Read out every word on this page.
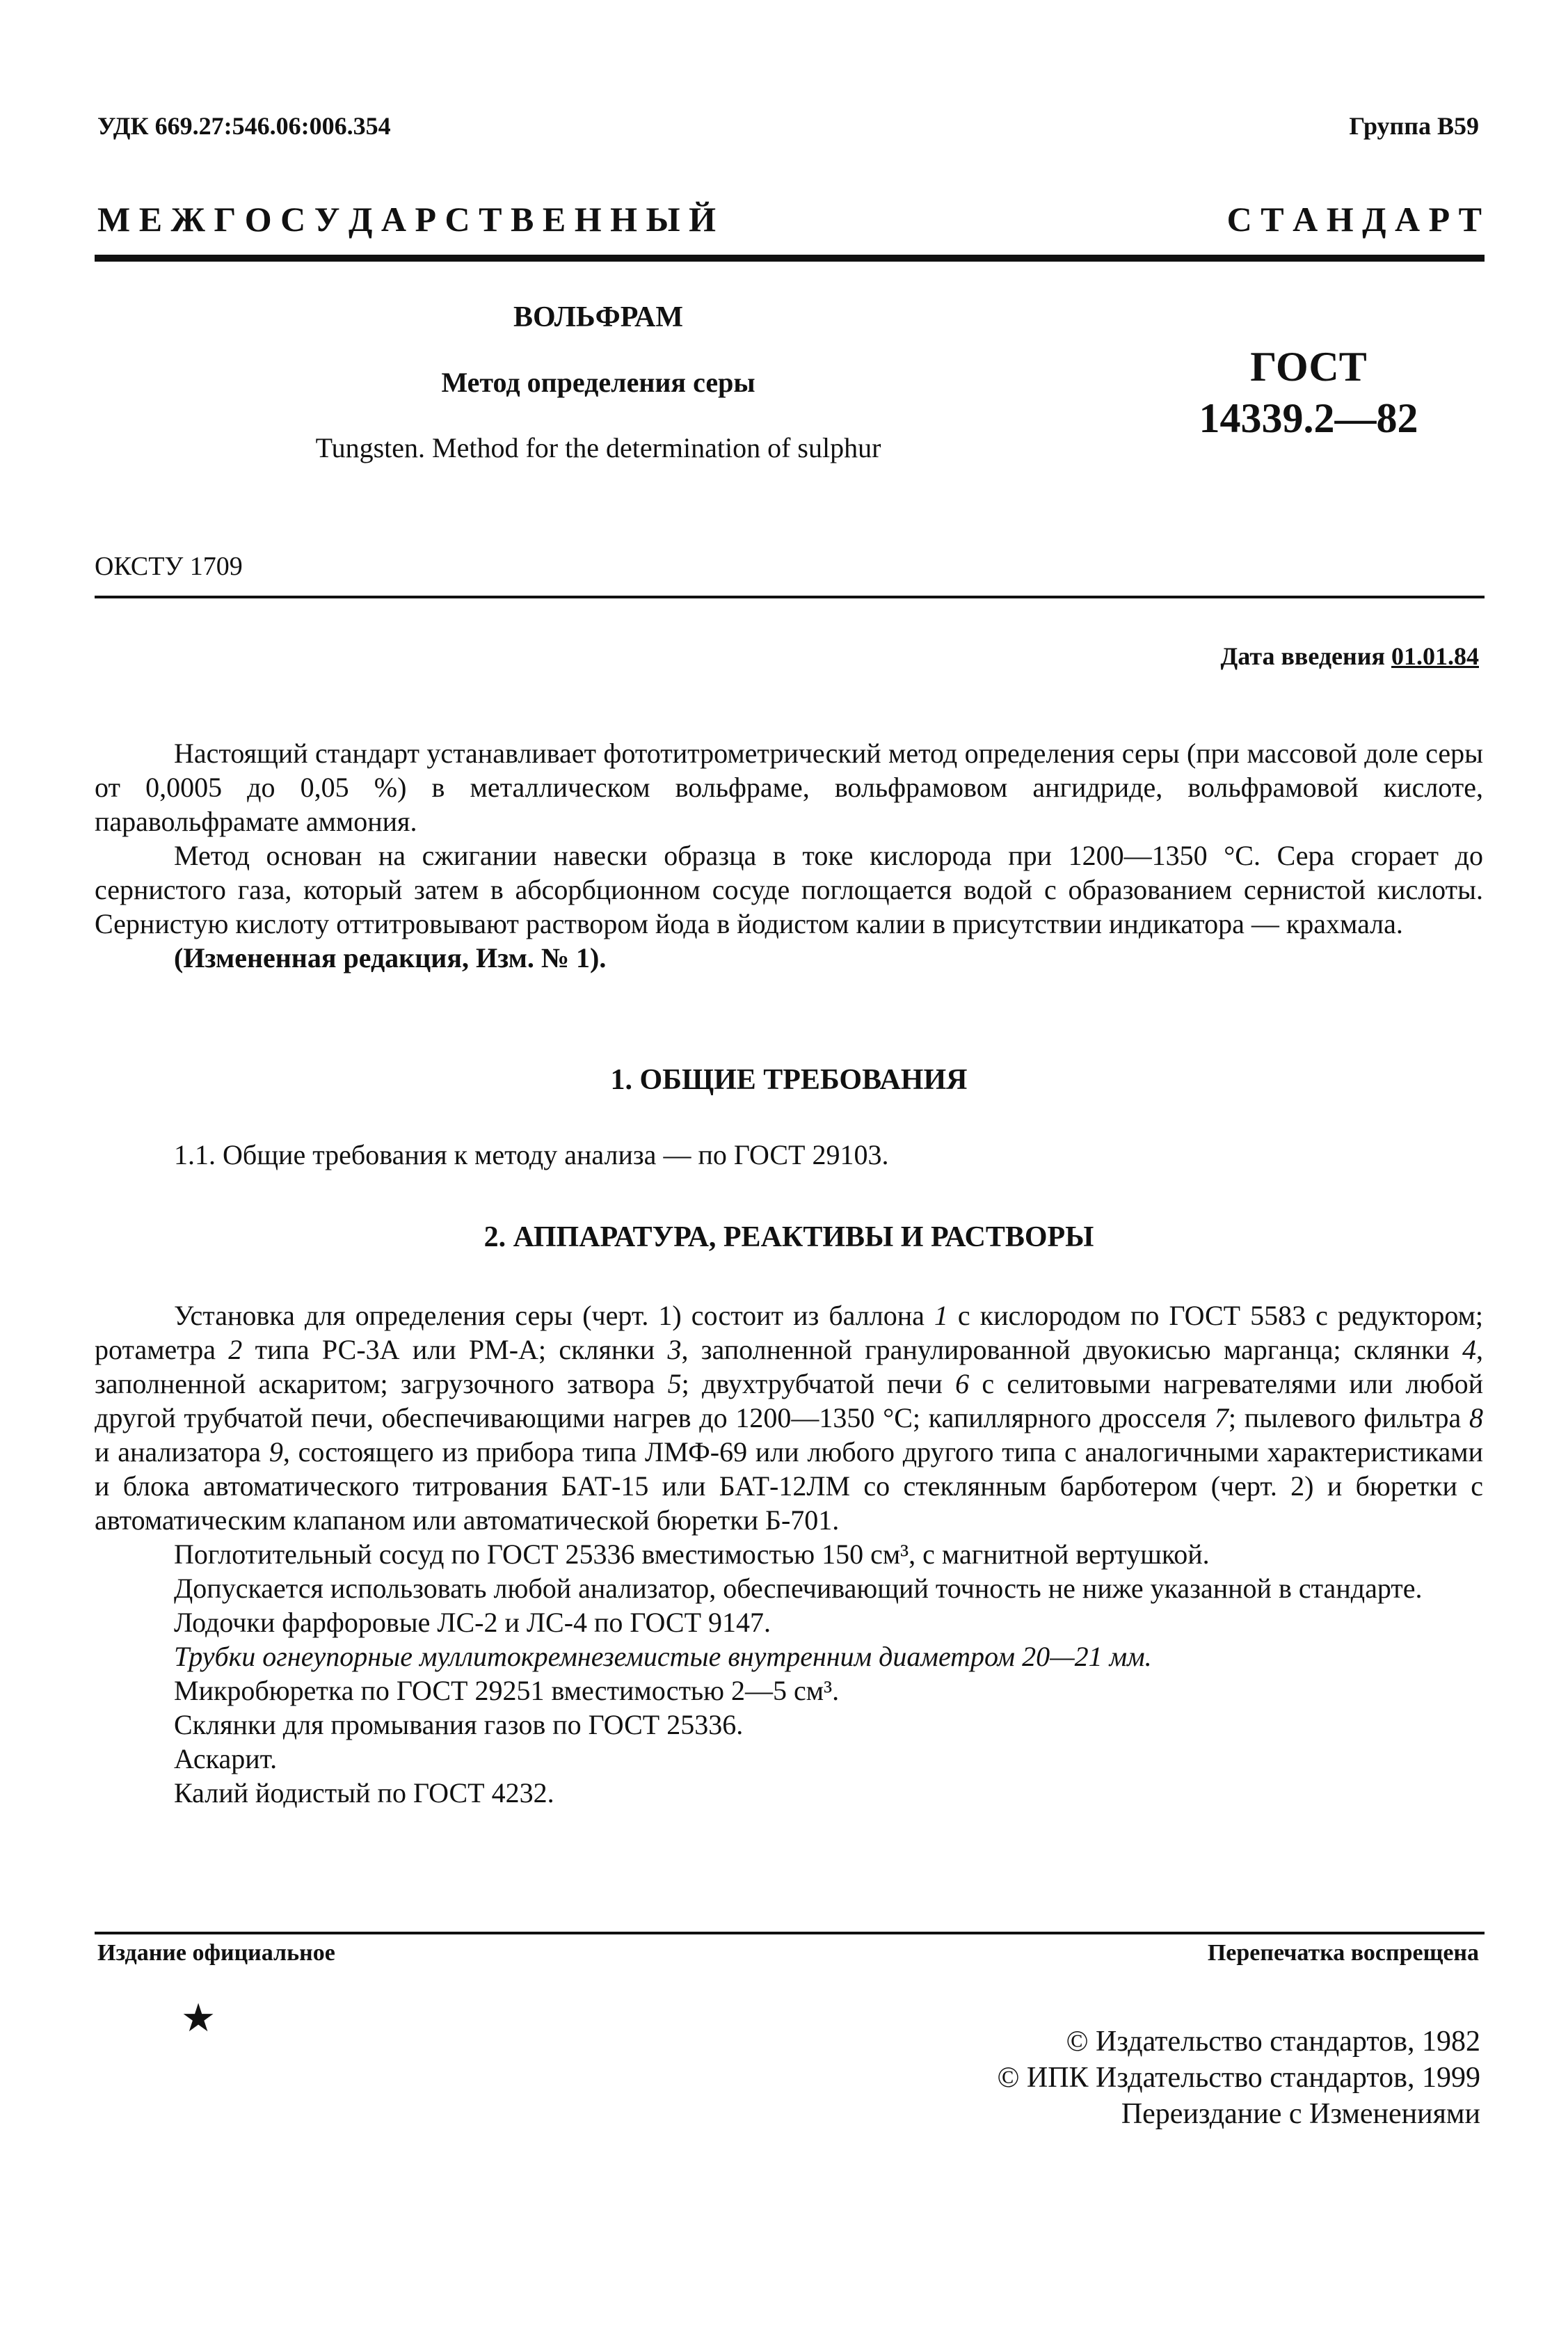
УДК 669.27:546.06:006.354	Группа В59
М Е Ж Г О С У Д А Р С Т В Е Н Н Ы Й	С Т А Н Д А Р Т
ВОЛЬФРАМ
Метод определения серы
Tungsten. Method for the determination of sulphur
ГОСТ
14339.2—82
ОКСТУ 1709
Дата введения 01.01.84

Настоящий стандарт устанавливает фототитрометрический метод определения серы (при массовой доле серы от 0,0005 до 0,05 %) в металлическом вольфраме, вольфрамовом ангидриде, вольфрамовой кислоте, паравольфрамате аммония.

Метод основан на сжигании навески образца в токе кислорода при 1200—1350 °С. Сера сгорает до сернистого газа, который затем в абсорбционном сосуде поглощается водой с образованием сернистой кислоты. Сернистую кислоту оттитровывают раствором йода в йодистом калии в присутствии индикатора — крахмала.

(Измененная редакция, Изм. № 1).

1. ОБЩИЕ ТРЕБОВАНИЯ
1.1. Общие требования к методу анализа — по ГОСТ 29103.
2. АППАРАТУРА, РЕАКТИВЫ И РАСТВОРЫ

Установка для определения серы (черт. 1) состоит из баллона 1 с кислородом по ГОСТ 5583 с редуктором; ротаметра 2 типа РС-3А или РМ-А; склянки 3, заполненной гранулированной двуокисью марганца; склянки 4, заполненной аскаритом; загрузочного затвора 5; двухтрубчатой печи 6 с селитовыми нагревателями или любой другой трубчатой печи, обеспечивающими нагрев до 1200—1350 °С; капиллярного дросселя 7; пылевого фильтра 8 и анализатора 9, состоящего из прибора типа ЛМФ-69 или любого другого типа с аналогичными характеристиками и блока автоматического титрования БАТ-15 или БАТ-12ЛМ со стеклянным барботером (черт. 2) и бюретки с автоматическим клапаном или автоматической бюретки Б-701.

Поглотительный сосуд по ГОСТ 25336 вместимостью 150 см³, с магнитной вертушкой.

Допускается использовать любой анализатор, обеспечивающий точность не ниже указанной в стандарте.

Лодочки фарфоровые ЛС-2 и ЛС-4 по ГОСТ 9147.

Трубки огнеупорные муллитокремнеземистые внутренним диаметром 20—21 мм.

Микробюретка по ГОСТ 29251 вместимостью 2—5 см³.

Склянки для промывания газов по ГОСТ 25336.

Аскарит.

Калий йодистый по ГОСТ 4232.

Издание официальное	Перепечатка воспрещена
★
© Издательство стандартов, 1982
© ИПК Издательство стандартов, 1999
Переиздание с Изменениями
